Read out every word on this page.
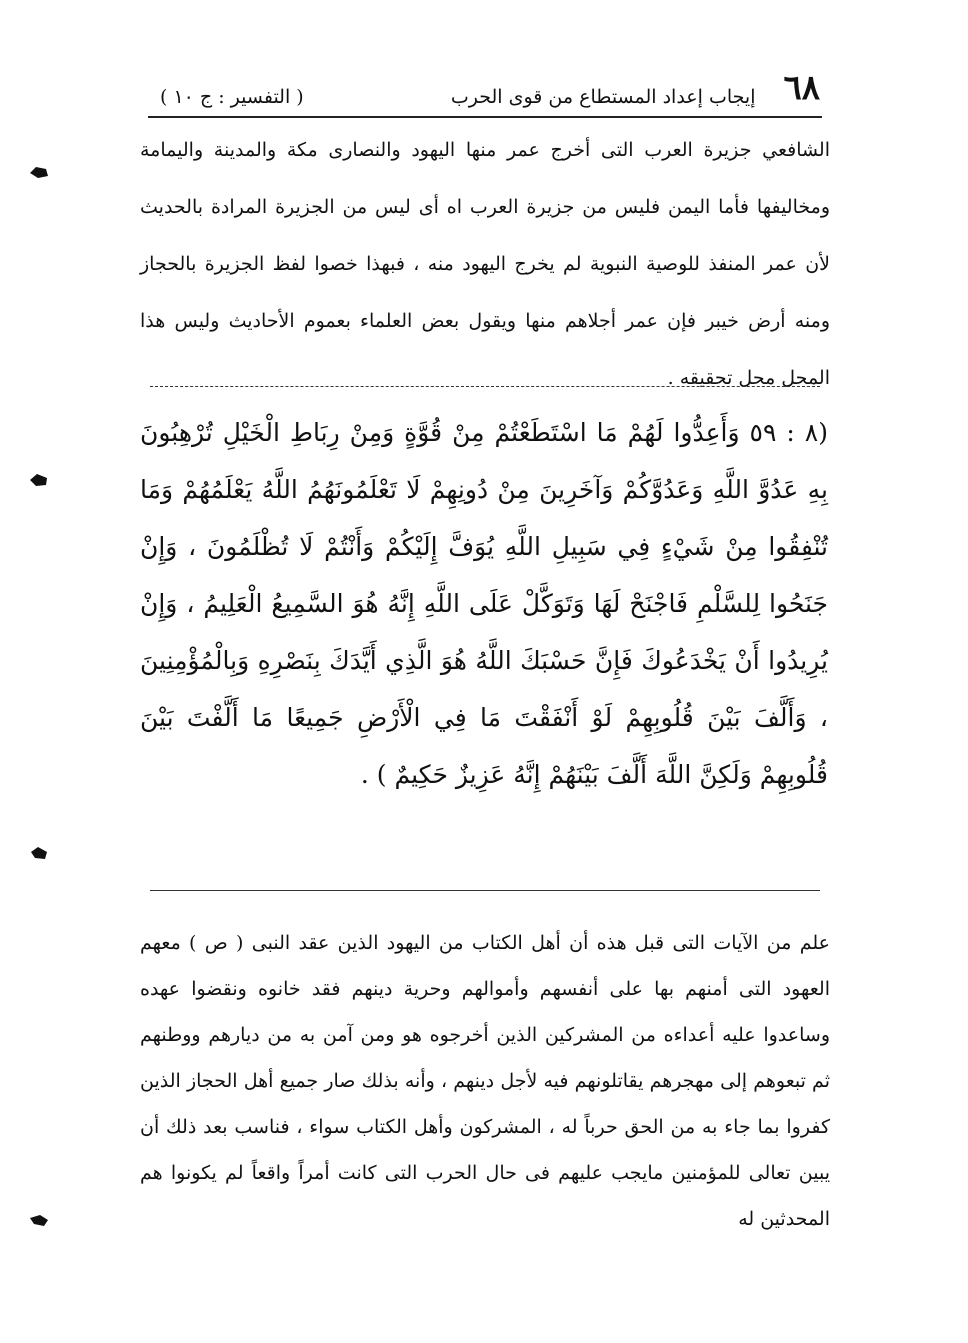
٦٨
إيجاب إعداد المستطاع من قوى الحرب
( التفسير : ج ١٠ )

الشافعي جزيرة العرب التى أخرج عمر منها اليهود والنصارى مكة والمدينة واليمامة ومخاليفها فأما اليمن فليس من جزيرة العرب اه أى ليس من الجزيرة المرادة بالحديث لأن عمر المنفذ للوصية النبوية لم يخرج اليهود منه ، فبهذا خصوا لفظ الجزيرة بالحجاز ومنه أرض خيبر فإن عمر أجلاهم منها ويقول بعض العلماء بعموم الأحاديث وليس هذا المحل محل تحقيقه .

(٨ : ٥٩ وَأَعِدُّوا لَهُمْ مَا اسْتَطَعْتُمْ مِنْ قُوَّةٍ وَمِنْ رِبَاطِ الْخَيْلِ تُرْهِبُونَ بِهِ عَدُوَّ اللَّهِ وَعَدُوَّكُمْ وَآخَرِينَ مِنْ دُونِهِمْ لَا تَعْلَمُونَهُمُ اللَّهُ يَعْلَمُهُمْ وَمَا تُنْفِقُوا مِنْ شَيْءٍ فِي سَبِيلِ اللَّهِ يُوَفَّ إِلَيْكُمْ وَأَنْتُمْ لَا تُظْلَمُونَ ، وَإِنْ جَنَحُوا لِلسَّلْمِ فَاجْنَحْ لَهَا وَتَوَكَّلْ عَلَى اللَّهِ إِنَّهُ هُوَ السَّمِيعُ الْعَلِيمُ ، وَإِنْ يُرِيدُوا أَنْ يَخْدَعُوكَ فَإِنَّ حَسْبَكَ اللَّهُ هُوَ الَّذِي أَيَّدَكَ بِنَصْرِهِ وَبِالْمُؤْمِنِينَ ، وَأَلَّفَ بَيْنَ قُلُوبِهِمْ لَوْ أَنْفَقْتَ مَا فِي الْأَرْضِ جَمِيعًا مَا أَلَّفْتَ بَيْنَ قُلُوبِهِمْ وَلَكِنَّ اللَّهَ أَلَّفَ بَيْنَهُمْ إِنَّهُ عَزِيزٌ حَكِيمٌ ) .

علم من الآيات التى قبل هذه أن أهل الكتاب من اليهود الذين عقد النبى ( ص ) معهم العهود التى أمنهم بها على أنفسهم وأموالهم وحرية دينهم فقد خانوه ونقضوا عهده وساعدوا عليه أعداءه من المشركين الذين أخرجوه هو ومن آمن به من ديارهم ووطنهم ثم تبعوهم إلى مهجرهم يقاتلونهم فيه لأجل دينهم ، وأنه بذلك صار جميع أهل الحجاز الذين كفروا بما جاء به من الحق حرباً له ، المشركون وأهل الكتاب سواء ، فناسب بعد ذلك أن يبين تعالى للمؤمنين مايجب عليهم فى حال الحرب التى كانت أمراً واقعاً لم يكونوا هم المحدثين له
